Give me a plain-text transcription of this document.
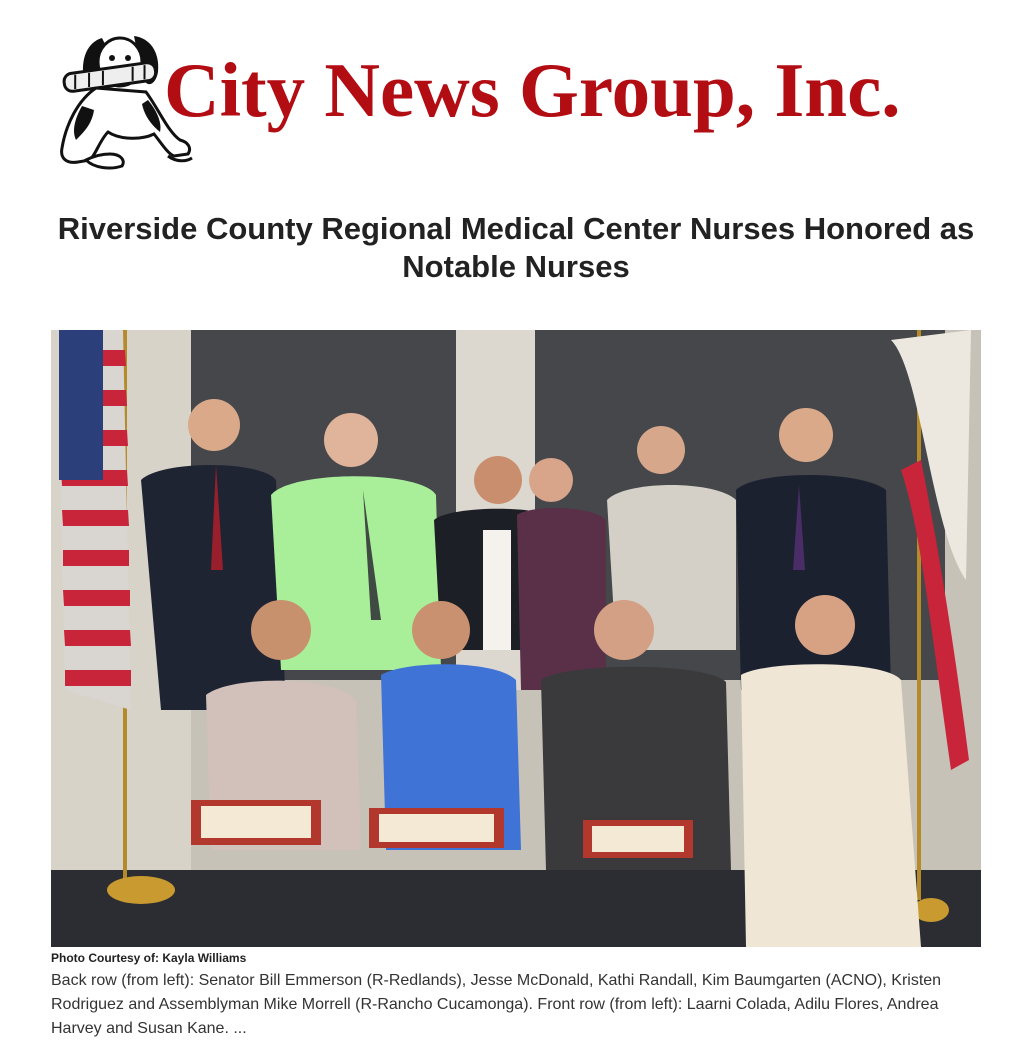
City News Group, Inc.
Riverside County Regional Medical Center Nurses Honored as Notable Nurses
Photo Courtesy of: Kayla Williams

Back row (from left): Senator Bill Emmerson (R-Redlands), Jesse McDonald, Kathi Randall, Kim Baumgarten (ACNO), Kristen Rodriguez and Assemblyman Mike Morrell (R-Rancho Cucamonga). Front row (from left): Laarni Colada, Adilu Flores, Andrea Harvey and Susan Kane. ...
